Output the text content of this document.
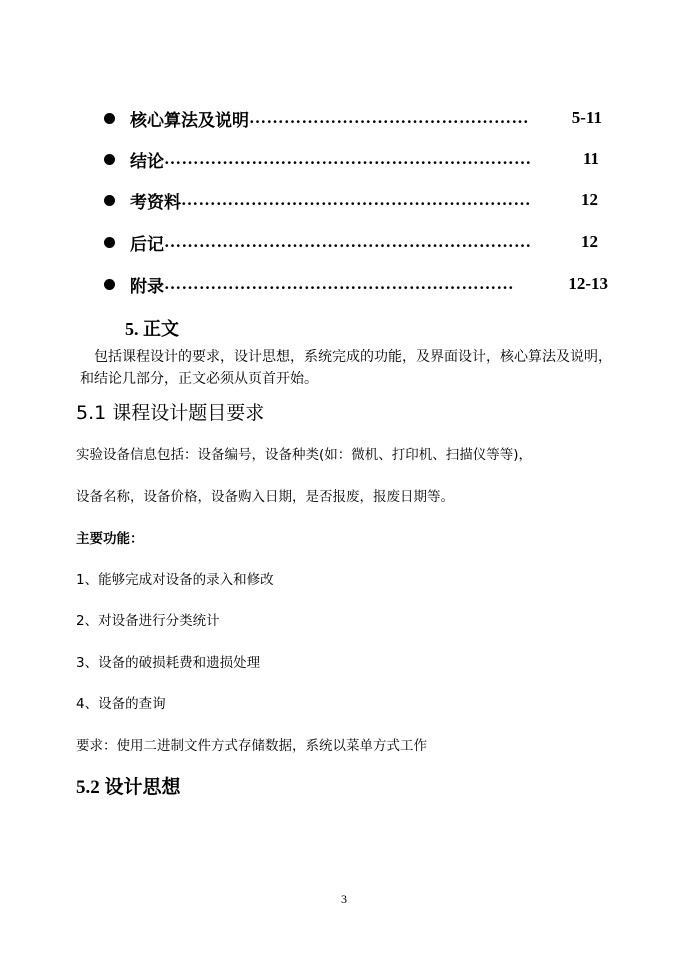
核心算法及说明 …………………………………………	5-11
结论 ………………………………………………………	11
考资料 ……………………………………………………	12
后记 ………………………………………………………	12
附录 ……………………………………………………	12-13
5. 正文
包括课程设计的要求，设计思想，系统完成的功能，及界面设计，核心算法及说明，和结论几部分，正文必须从页首开始。
5.1 课程设计题目要求
实验设备信息包括：设备编号，设备种类(如：微机、打印机、扫描仪等等)，
设备名称，设备价格，设备购入日期，是否报废，报废日期等。
主要功能：
1、能够完成对设备的录入和修改
2、对设备进行分类统计
3、设备的破损耗费和遗损处理
4、设备的查询
要求：使用二进制文件方式存储数据，系统以菜单方式工作
5.2 设计思想
3
